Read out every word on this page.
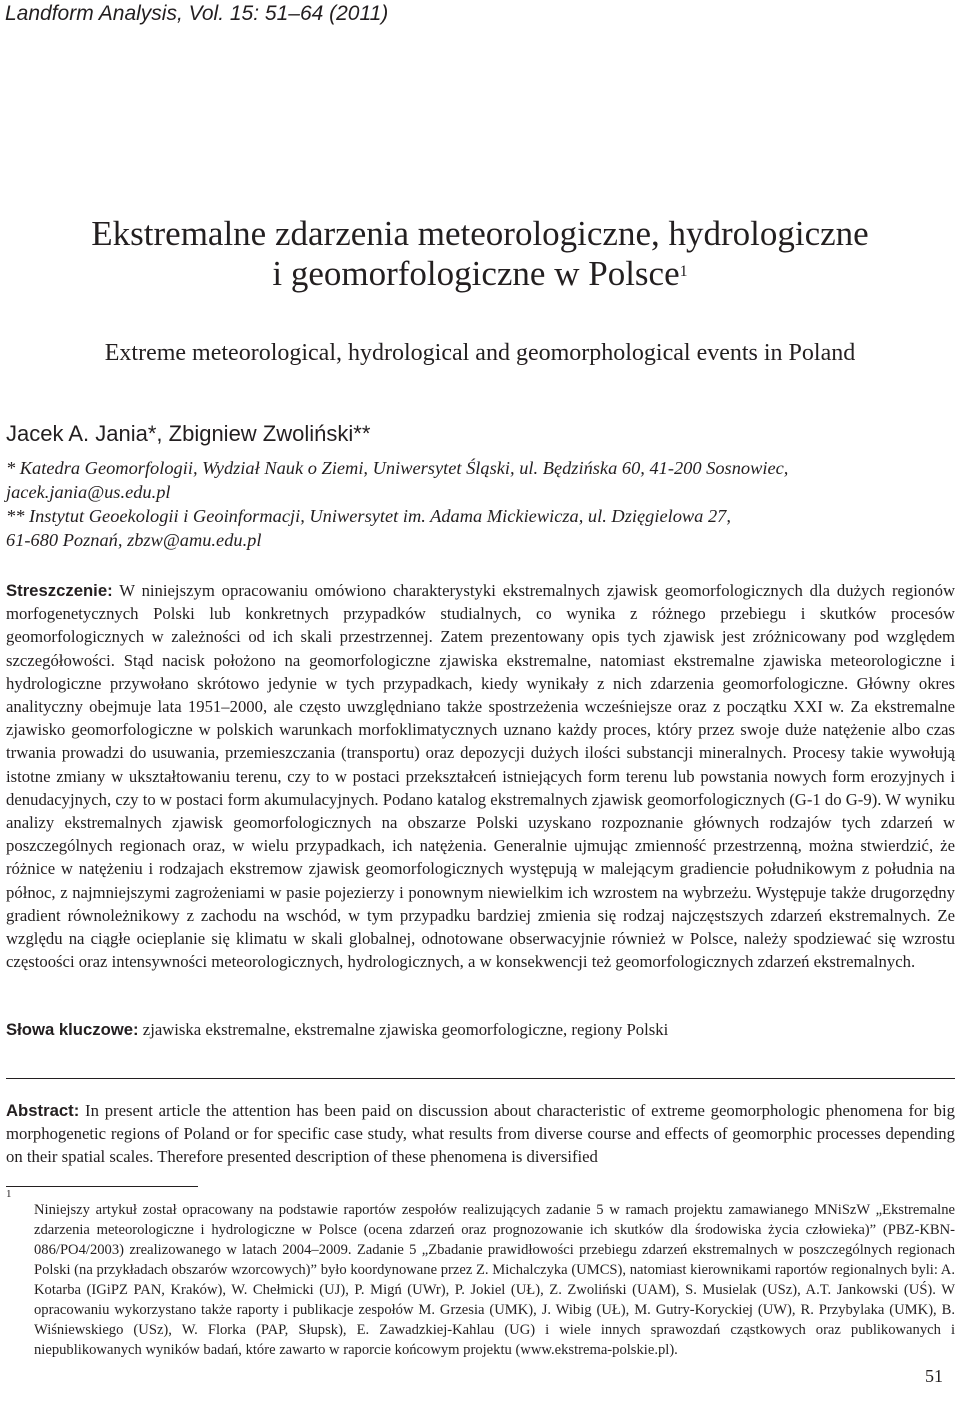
Landform Analysis, Vol. 15: 51–64 (2011)
Ekstremalne zdarzenia meteorologiczne, hydrologiczne
i geomorfologiczne w Polsce$^1$
Extreme meteorological, hydrological and geomorphological events in Poland
Jacek A. Jania*, Zbigniew Zwoliński**
* Katedra Geomorfologii, Wydział Nauk o Ziemi, Uniwersytet Śląski, ul. Będzińska 60, 41-200 Sosnowiec,
jacek.jania@us.edu.pl
** Instytut Geoekologii i Geoinformacji, Uniwersytet im. Adama Mickiewicza, ul. Dzięgielowa 27,
61-680 Poznań, zbzw@amu.edu.pl
Streszczenie: W niniejszym opracowaniu omówiono charakterystyki ekstremalnych zjawisk geomorfologicznych dla dużych regionów morfogenetycznych Polski lub konkretnych przypadków studialnych, co wynika z różnego przebiegu i skutków procesów geomorfologicznych w zależności od ich skali przestrzennej. Zatem prezentowany opis tych zjawisk jest zróżnicowany pod względem szczegółowości. Stąd nacisk położono na geomorfologiczne zjawiska ekstremalne, natomiast ekstremalne zjawiska meteorologiczne i hydrologiczne przywołano skrótowo jedynie w tych przypadkach, kiedy wynikały z nich zdarzenia geomorfologiczne. Główny okres analityczny obejmuje lata 1951–2000, ale często uwzględniano także spostrzeżenia wcześniejsze oraz z początku XXI w. Za ekstremalne zjawisko geomorfologiczne w polskich warunkach morfoklimatycznych uznano każdy proces, który przez swoje duże natężenie albo czas trwania prowadzi do usuwania, przemieszczania (transportu) oraz depozycji dużych ilości substancji mineralnych. Procesy takie wywołują istotne zmiany w ukształtowaniu terenu, czy to w postaci przekształceń istniejących form terenu lub powstania nowych form erozyjnych i denudacyjnych, czy to w postaci form akumulacyjnych. Podano katalog ekstremalnych zjawisk geomorfologicznych (G-1 do G-9). W wyniku analizy ekstremalnych zjawisk geomorfologicznych na obszarze Polski uzyskano rozpoznanie głównych rodzajów tych zdarzeń w poszczególnych regionach oraz, w wielu przypadkach, ich natężenia. Generalnie ujmując zmienność przestrzenną, można stwierdzić, że różnice w natężeniu i rodzajach ekstremow zjawisk geomorfologicznych występują w malejącym gradiencie południkowym z południa na północ, z najmniejszymi zagrożeniami w pasie pojezierzy i ponownym niewielkim ich wzrostem na wybrzeżu. Występuje także drugorzędny gradient równoleżnikowy z zachodu na wschód, w tym przypadku bardziej zmienia się rodzaj najczęstszych zdarzeń ekstremalnych. Ze względu na ciągłe ocieplanie się klimatu w skali globalnej, odnotowane obserwacyjnie również w Polsce, należy spodziewać się wzrostu częstoości oraz intensywności meteorologicznych, hydrologicznych, a w konsekwencji też geomorfologicznych zdarzeń ekstremalnych.
Słowa kluczowe: zjawiska ekstremalne, ekstremalne zjawiska geomorfologiczne, regiony Polski
Abstract: In present article the attention has been paid on discussion about characteristic of extreme geomorphologic phenomena for big morphogenetic regions of Poland or for specific case study, what results from diverse course and effects of geomorphic processes depending on their spatial scales. Therefore presented description of these phenomena is diversified
1
Niniejszy artykuł został opracowany na podstawie raportów zespołów realizujących zadanie 5 w ramach projektu zamawianego MNiSzW „Ekstremalne zdarzenia meteorologiczne i hydrologiczne w Polsce (ocena zdarzeń oraz prognozowanie ich skutków dla środowiska życia człowieka)” (PBZ-KBN-086/PO4/2003) zrealizowanego w latach 2004–2009. Zadanie 5 „Zbadanie prawidłowości przebiegu zdarzeń ekstremalnych w poszczególnych regionach Polski (na przykładach obszarów wzorcowych)” było koordynowane przez Z. Michalczyka (UMCS), natomiast kierownikami raportów regionalnych byli: A. Kotarba (IGiPZ PAN, Kraków), W. Chełmicki (UJ), P. Migń (UWr), P. Jokiel (UŁ), Z. Zwoliński (UAM), S. Musielak (USz), A.T. Jankowski (UŚ). W opracowaniu wykorzystano także raporty i publikacje zespołów M. Grzesia (UMK), J. Wibig (UŁ), M. Gutry-Koryckiej (UW), R. Przybylaka (UMK), B. Wiśniewskiego (USz), W. Florka (PAP, Słupsk), E. Zawadzkiej-Kahlau (UG) i wiele innych sprawozdań cząstkowych oraz publikowanych i niepublikowanych wyników badań, które zawarto w raporcie końcowym projektu (www.ekstrema-polskie.pl).
51
